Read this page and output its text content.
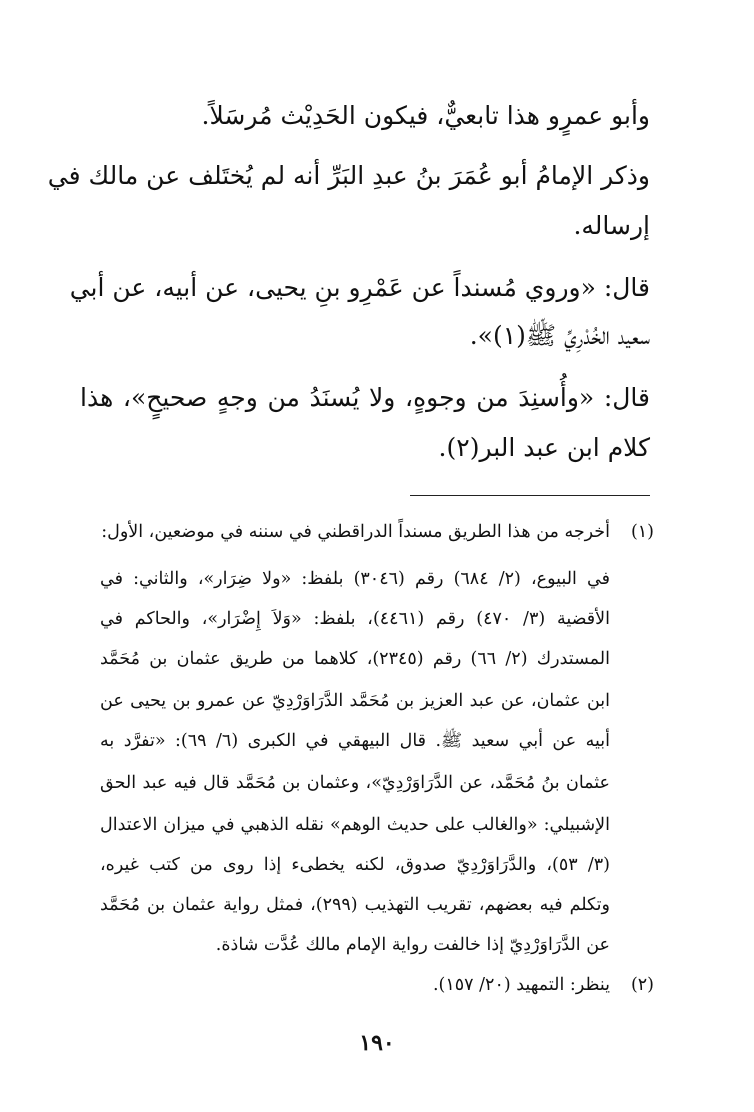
وأبو عمرٍو هذا تابعيٌّ، فيكون الحَدِيْث مُرسَلاً.
وذكر الإمامُ أبو عُمَرَ بنُ عبدِ البَرِّ أنه لم يُختَلف عن مالك في
إرساله.
قال: «وروي مُسنداً عن عَمْرِو بنِ يحيى، عن أبيه، عن أبي
سعيد الخُدْرِيِّ ﷺ(١)».
قال: «وأُسنِدَ من وجوهٍ، ولا يُسنَدُ من وجهٍ صحيحٍ»، هذا
كلام ابن عبد البر(٢).
(١)
أخرجه من هذا الطريق مسنداً الدراقطني في سننه في موضعين، الأول:
في البيوع، (٢/ ٦٨٤) رقم (٣٠٤٦) بلفظ: «ولا ضِرَار»، والثاني: في
الأقضية (٣/ ٤٧٠) رقم (٤٤٦١)، بلفظ: «وَلاَ إِضْرَار»، والحاكم في
المستدرك (٢/ ٦٦) رقم (٢٣٤٥)، كلاهما من طريق عثمان بن مُحَمَّد
ابن عثمان، عن عبد العزيز بن مُحَمَّد الدَّرَاوَرْدِيّ عن عمرو بن يحيى عن
أبيه عن أبي سعيد ﷺ. قال البيهقي في الكبرى (٦/ ٦٩): «تفرَّد به
عثمان بنُ مُحَمَّد، عن الدَّرَاوَرْدِيّ»، وعثمان بن مُحَمَّد قال فيه عبد الحق
الإشبيلي: «والغالب على حديث الوهم» نقله الذهبي في ميزان الاعتدال
(٣/ ٥٣)، والدَّرَاوَرْدِيّ صدوق، لكنه يخطىء إذا روى من كتب غيره،
وتكلم فيه بعضهم، تقريب التهذيب (٢٩٩)، فمثل رواية عثمان بن مُحَمَّد
عن الدَّرَاوَرْدِيّ إذا خالفت رواية الإمام مالك عُدَّت شاذة.
(٢)
ينظر: التمهيد (٢٠/ ١٥٧).
١٩٠
